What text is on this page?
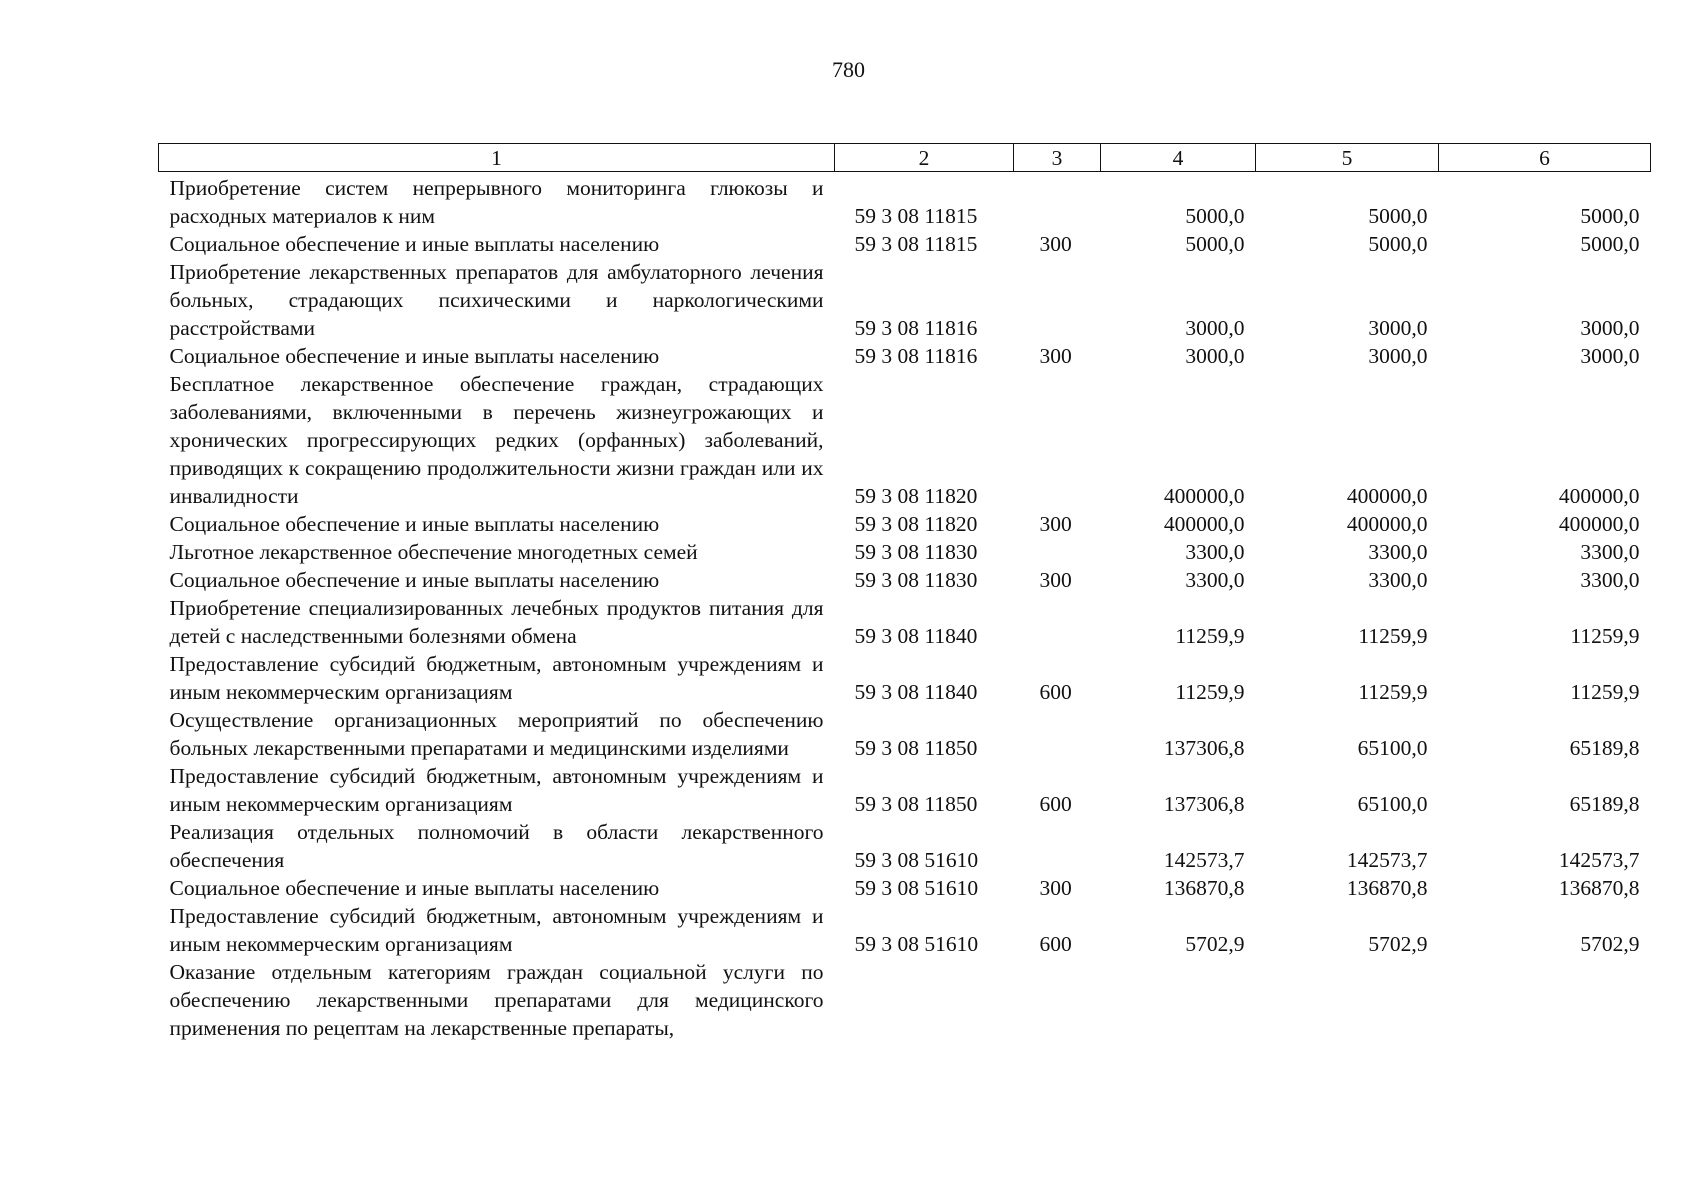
780
1	2	3	4	5	6
Приобретение систем непрерывного мониторинга глюкозы и расходных материалов к ним	59 3 08 11815		5000,0	5000,0	5000,0
Социальное обеспечение и иные выплаты населению	59 3 08 11815	300	5000,0	5000,0	5000,0
Приобретение лекарственных препаратов для амбулаторного лечения больных, страдающих психическими и наркологическими расстройствами	59 3 08 11816		3000,0	3000,0	3000,0
Социальное обеспечение и иные выплаты населению	59 3 08 11816	300	3000,0	3000,0	3000,0
Бесплатное лекарственное обеспечение граждан, страдающих заболеваниями, включенными в перечень жизнеугрожающих и хронических прогрессирующих редких (орфанных) заболеваний, приводящих к сокращению продолжительности жизни граждан или их инвалидности	59 3 08 11820		400000,0	400000,0	400000,0
Социальное обеспечение и иные выплаты населению	59 3 08 11820	300	400000,0	400000,0	400000,0
Льготное лекарственное обеспечение многодетных семей	59 3 08 11830		3300,0	3300,0	3300,0
Социальное обеспечение и иные выплаты населению	59 3 08 11830	300	3300,0	3300,0	3300,0
Приобретение специализированных лечебных продуктов питания для детей с наследственными болезнями обмена	59 3 08 11840		11259,9	11259,9	11259,9
Предоставление субсидий бюджетным, автономным учреждениям и иным некоммерческим организациям	59 3 08 11840	600	11259,9	11259,9	11259,9
Осуществление организационных мероприятий по обеспечению больных лекарственными препаратами и медицинскими изделиями	59 3 08 11850		137306,8	65100,0	65189,8
Предоставление субсидий бюджетным, автономным учреждениям и иным некоммерческим организациям	59 3 08 11850	600	137306,8	65100,0	65189,8
Реализация отдельных полномочий в области лекарственного обеспечения	59 3 08 51610		142573,7	142573,7	142573,7
Социальное обеспечение и иные выплаты населению	59 3 08 51610	300	136870,8	136870,8	136870,8
Предоставление субсидий бюджетным, автономным учреждениям и иным некоммерческим организациям	59 3 08 51610	600	5702,9	5702,9	5702,9
Оказание отдельным категориям граждан социальной услуги по обеспечению лекарственными препаратами для медицинского применения по рецептам на лекарственные препараты,					
